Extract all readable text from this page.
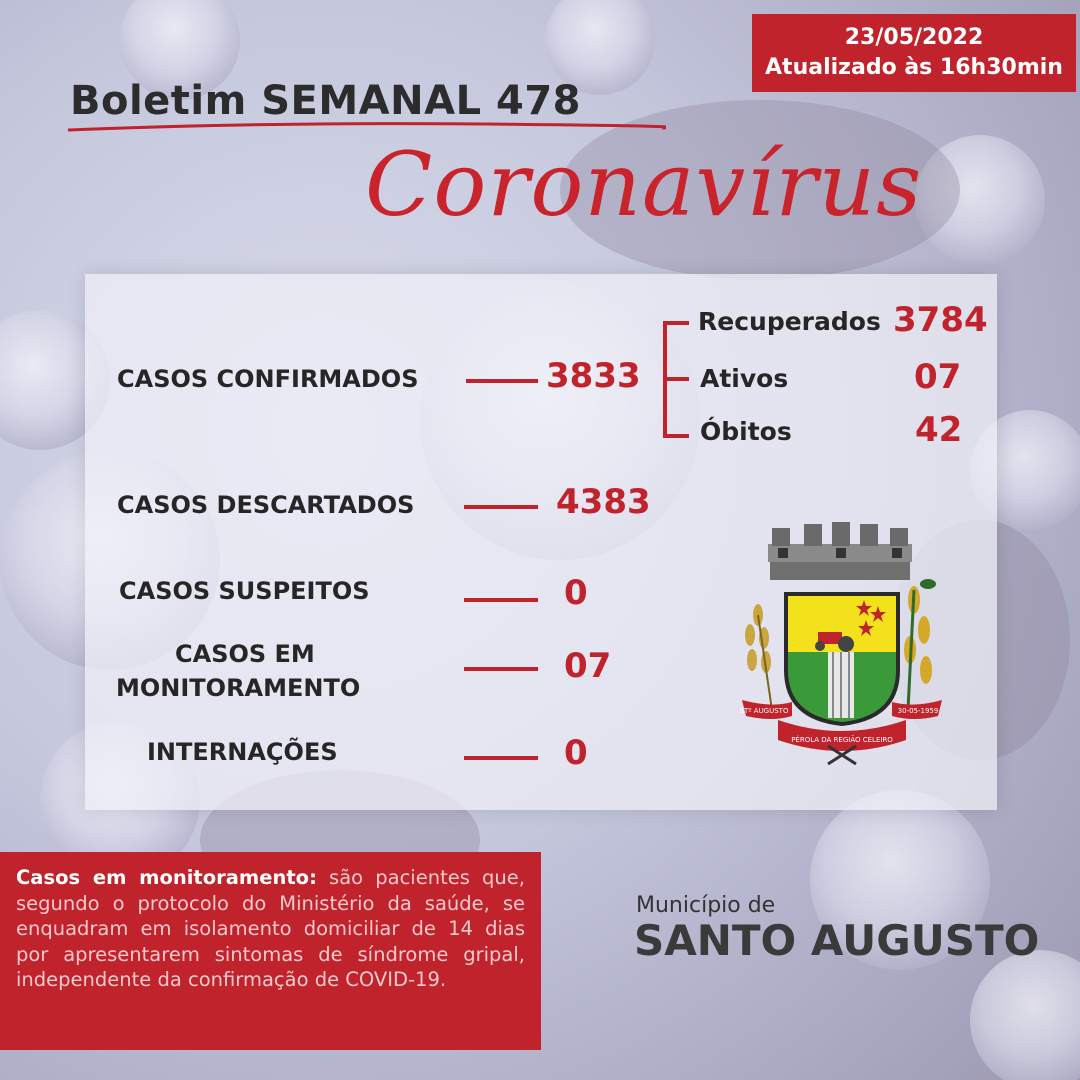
23/05/2022
Atualizado às 16h30min
Boletim SEMANAL 478
Coronavírus
CASOS CONFIRMADOS	3833
Recuperados 3784
Ativos	07
Óbitos	42
CASOS DESCARTADOS	4383
CASOS SUSPEITOS	0
CASOS EM
MONITORAMENTO
07
INTERNAÇÕES	0
STº AUGUSTO	30-05-1959
PÉROLA DA REGIÃO CELEIRO
Casos em monitoramento: são pacientes que, segundo o protocolo do Ministério da saúde, se enquadram em isolamento domiciliar de 14 dias por apresentarem sintomas de síndrome gripal, independente da confirmação de COVID-19.
Município de
SANTO AUGUSTO
